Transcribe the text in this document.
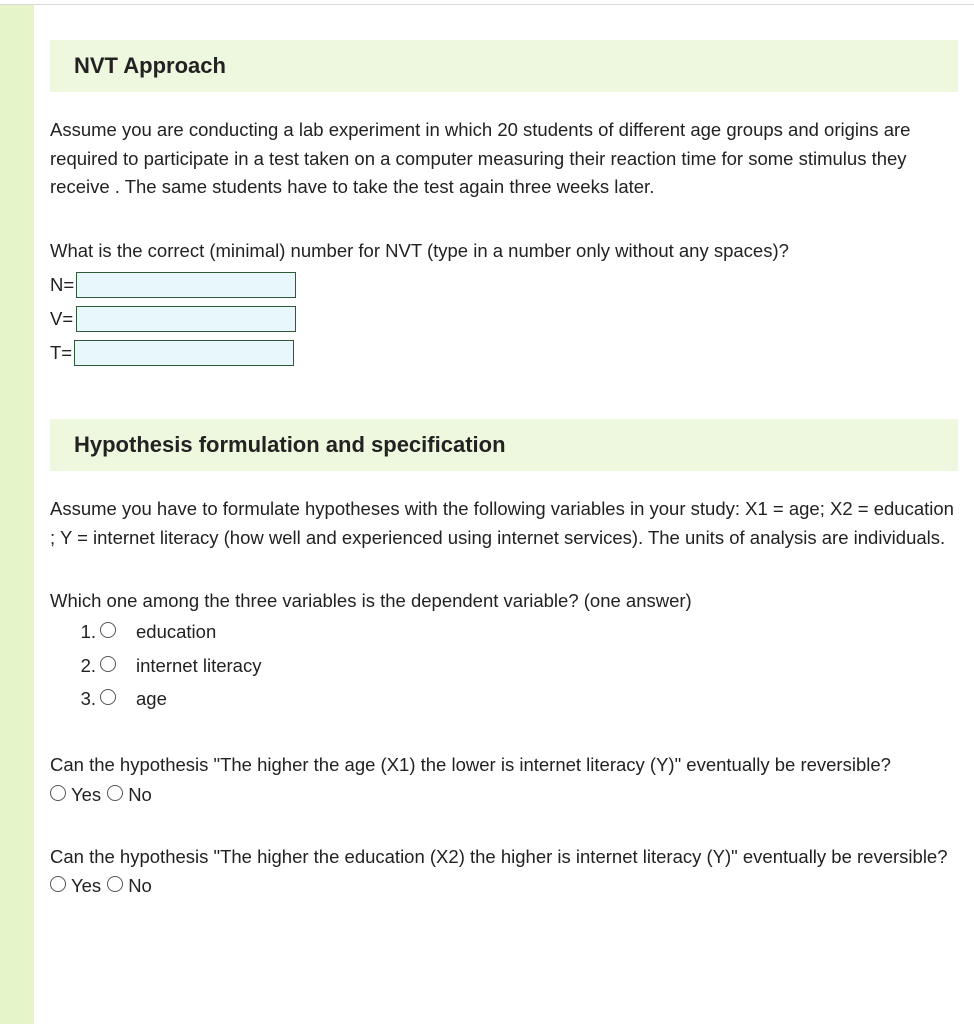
NVT Approach

Assume you are conducting a lab experiment in which 20 students of different age groups and origins are required to participate in a test taken on a computer measuring their reaction time for some stimulus they receive . The same students have to take the test again three weeks later.

What is the correct (minimal) number for NVT (type in a number only without any spaces)?

N=
V=
T=
Hypothesis formulation and specification

Assume you have to formulate hypotheses with the following variables in your study: X1 = age; X2 = education ; Y = internet literacy (how well and experienced using internet services). The units of analysis are individuals.

Which one among the three variables is the dependent variable? (one answer)

1. education
2. internet literacy
3. age

Can the hypothesis "The higher the age (X1) the lower is internet literacy (Y)" eventually be reversible?

Yes No

Can the hypothesis "The higher the education (X2) the higher is internet literacy (Y)" eventually be reversible?

Yes No
